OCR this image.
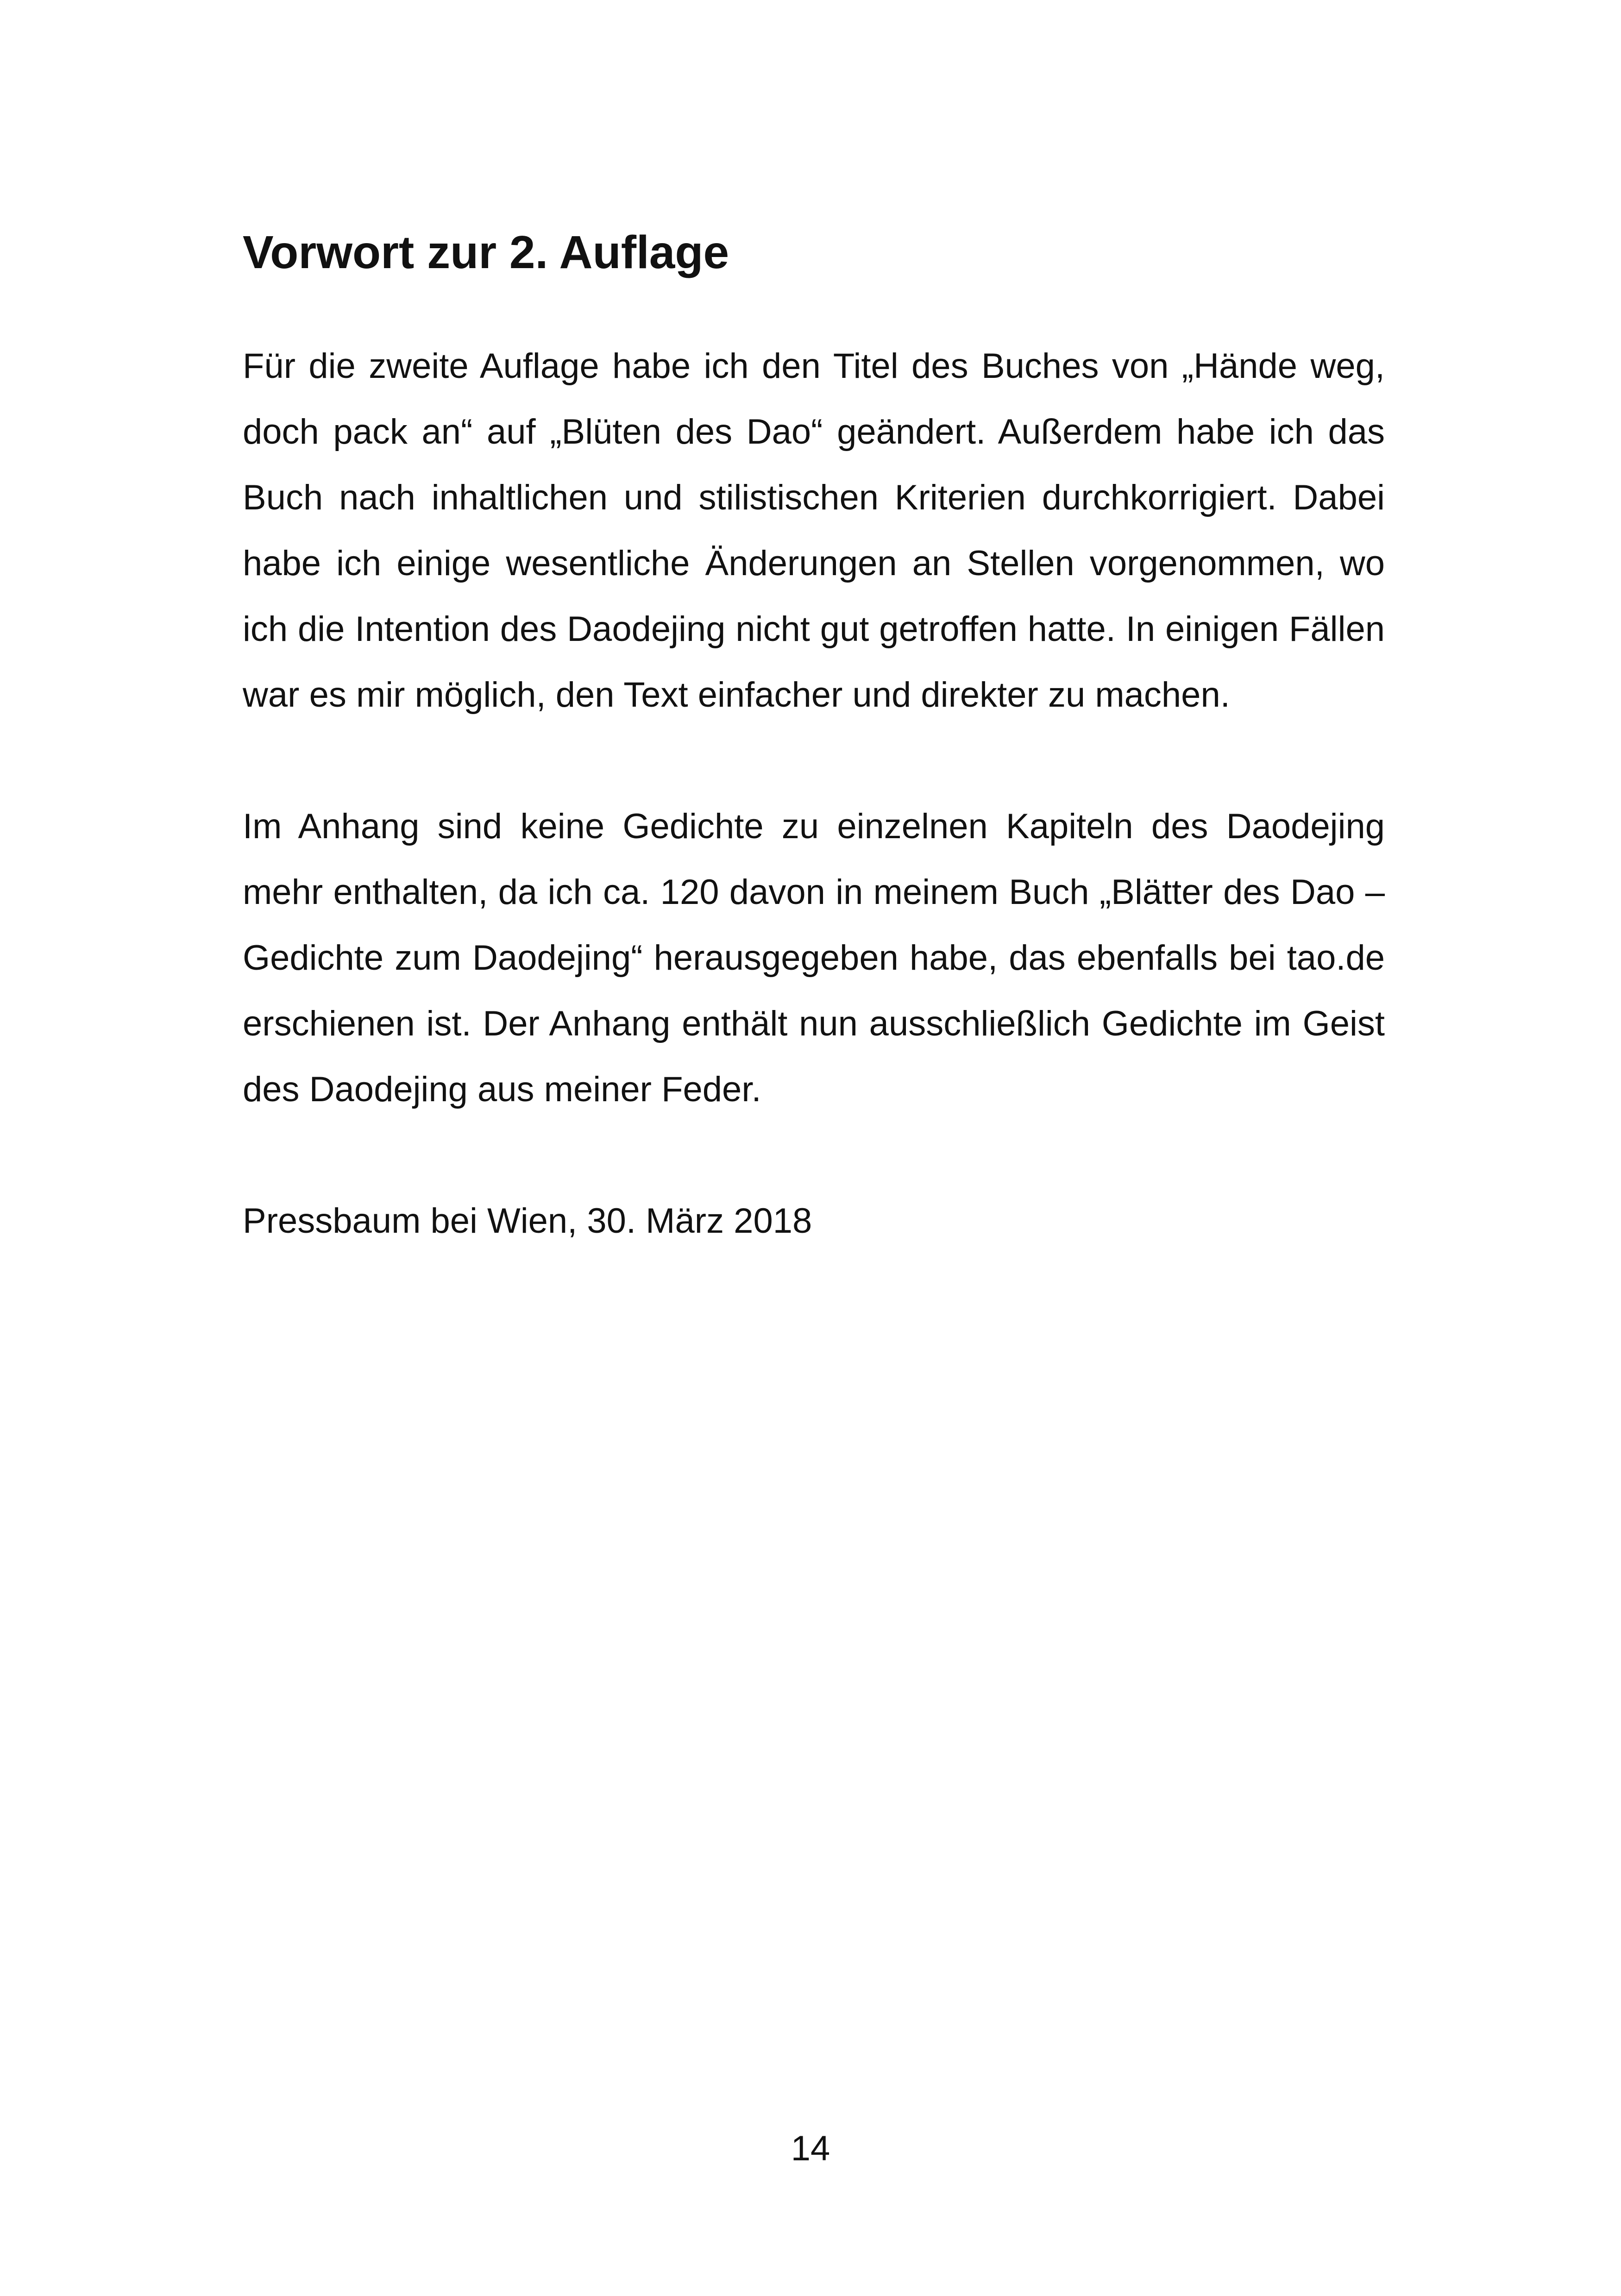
Vorwort zur 2. Auflage

Für die zweite Auflage habe ich den Titel des Buches von „Hände weg, doch pack an“ auf „Blüten des Dao“ geändert. Außerdem habe ich das Buch nach inhaltlichen und stilistischen Kriterien durchkorrigiert. Dabei habe ich einige wesentliche Änderungen an Stellen vorgenommen, wo ich die Intention des Daodejing nicht gut getroffen hatte. In einigen Fällen war es mir möglich, den Text einfacher und direkter zu machen.

Im Anhang sind keine Gedichte zu einzelnen Kapiteln des Daodejing mehr enthalten, da ich ca. 120 davon in meinem Buch „Blätter des Dao – Gedichte zum Daodejing“ herausgegeben habe, das ebenfalls bei tao.de erschienen ist. Der Anhang enthält nun ausschließlich Gedichte im Geist des Daodejing aus meiner Feder.

Pressbaum bei Wien, 30. März 2018

14
